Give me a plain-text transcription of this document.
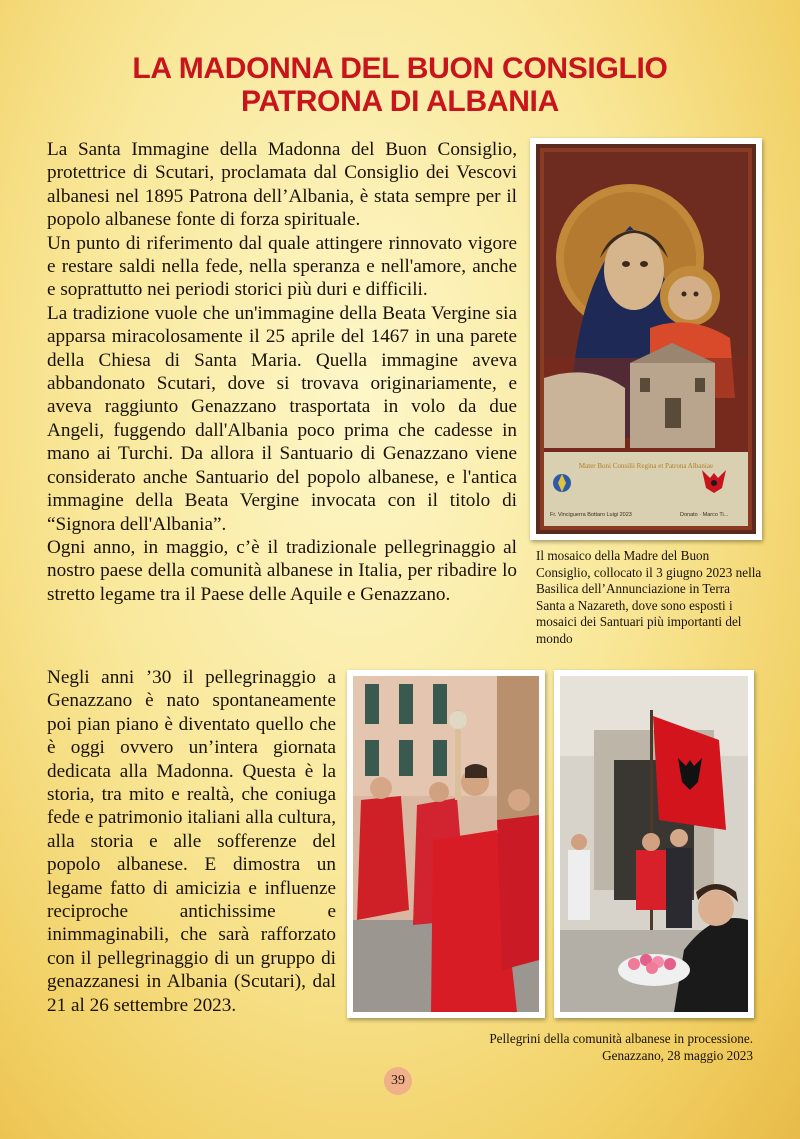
LA MADONNA DEL BUON CONSIGLIO
PATRONA DI ALBANIA

La Santa Immagine della Madonna del Buon Consiglio, protettrice di Scutari, proclamata dal Consiglio dei Vescovi albanesi nel 1895 Patrona dell’Albania, è stata sempre per il popolo albanese fonte di forza spirituale.

Un punto di riferimento dal quale attingere rinnovato vigore e restare saldi nella fede, nella speranza e nell'amore, anche e soprattutto nei periodi storici più duri e difficili.

La tradizione vuole che un'immagine della Beata Vergine sia apparsa miracolosamente il 25 aprile del 1467 in una parete della Chiesa di Santa Maria. Quella immagine aveva abbandonato Scutari, dove si trovava originariamente, e aveva raggiunto Genazzano trasportata in volo da due Angeli, fuggendo dall'Albania poco prima che cadesse in mano ai Turchi. Da allora il Santuario di Genazzano viene considerato anche Santuario del popolo albanese, e l'antica immagine della Beata Vergine invocata con il titolo di “Signora dell'Albania”.

Ogni anno, in maggio, c’è il tradizionale pellegrinaggio al nostro paese della comunità albanese in Italia, per ribadire lo stretto legame tra il Paese delle Aquile e Genazzano.

Mater Boni Consilii Regina et Patrona Albaniae
Fr. Vinciguerra Bottaro Luigi 2023	Donato · Marco Ti...
Il mosaico della Madre del Buon Consiglio, collocato il 3 giugno 2023 nella Basilica dell’Annunciazione in Terra Santa a Nazareth, dove sono esposti i mosaici dei Santuari più importanti del mondo
Negli anni ’30 il pellegrinaggio a Genazzano è nato spontaneamente poi pian piano è diventato quello che è oggi ovvero un’intera giornata dedicata alla Madonna. Questa è la storia, tra mito e realtà, che coniuga fede e patrimonio italiani alla cultura, alla storia e alle sofferenze del popolo albanese. E dimostra un legame fatto di amicizia e influenze reciproche antichissime e inimmaginabili, che sarà rafforzato con il pellegrinaggio di un gruppo di genazzanesi in Albania (Scutari), dal 21 al 26 settembre 2023.
Pellegrini della comunità albanese in processione.
Genazzano, 28 maggio 2023
39
